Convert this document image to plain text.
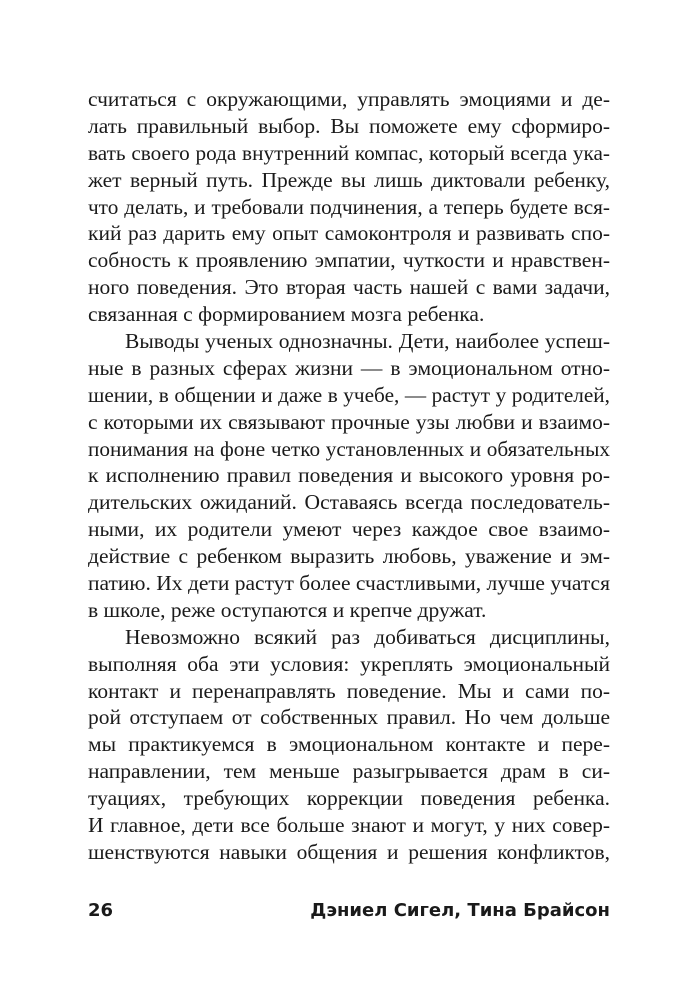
считаться с окружающими, управлять эмоциями и де-
лать правильный выбор. Вы поможете ему сформиро-
вать своего рода внутренний компас, который всегда ука-
жет верный путь. Прежде вы лишь диктовали ребенку,
что делать, и требовали подчинения, а теперь будете вся-
кий раз дарить ему опыт самоконтроля и развивать спо-
собность к проявлению эмпатии, чуткости и нравствен-
ного поведения. Это вторая часть нашей с вами задачи,
связанная с формированием мозга ребенка.
Выводы ученых однозначны. Дети, наиболее успеш-
ные в разных сферах жизни — в эмоциональном отно-
шении, в общении и даже в учебе, — растут у родителей,
с которыми их связывают прочные узы любви и взаимо-
понимания на фоне четко установленных и обязательных
к исполнению правил поведения и высокого уровня ро-
дительских ожиданий. Оставаясь всегда последователь-
ными, их родители умеют через каждое свое взаимо-
действие с ребенком выразить любовь, уважение и эм-
патию. Их дети растут более счастливыми, лучше учатся
в школе, реже оступаются и крепче дружат.
Невозможно всякий раз добиваться дисциплины,
выполняя оба эти условия: укреплять эмоциональный
контакт и перенаправлять поведение. Мы и сами по-
рой отступаем от собственных правил. Но чем дольше
мы практикуемся в эмоциональном контакте и пере-
направлении, тем меньше разыгрывается драм в си-
туациях, требующих коррекции поведения ребенка.
И главное, дети все больше знают и могут, у них совер-
шенствуются навыки общения и решения конфликтов,
26	Дэниел Сигел, Тина Брайсон
